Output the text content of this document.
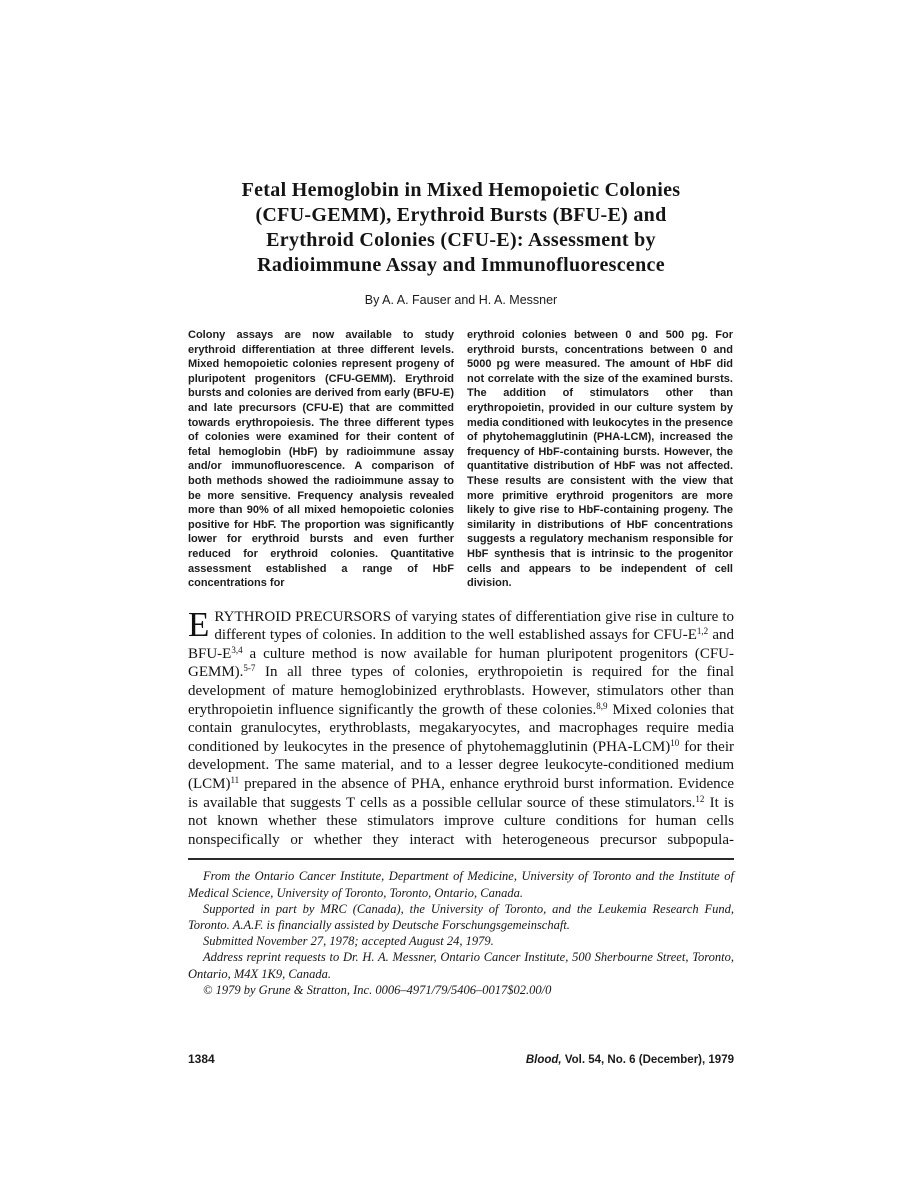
Fetal Hemoglobin in Mixed Hemopoietic Colonies
(CFU-GEMM), Erythroid Bursts (BFU-E) and
Erythroid Colonies (CFU-E): Assessment by
Radioimmune Assay and Immunofluorescence
By A. A. Fauser and H. A. Messner
Colony assays are now available to study erythroid differentiation at three different levels. Mixed hemopoietic colonies represent progeny of pluripotent progenitors (CFU-GEMM). Erythroid bursts and colonies are derived from early (BFU-E) and late precursors (CFU-E) that are committed towards erythropoiesis. The three different types of colonies were examined for their content of fetal hemoglobin (HbF) by radioimmune assay and/or immunofluorescence. A comparison of both methods showed the radioimmune assay to be more sensitive. Frequency analysis revealed more than 90% of all mixed hemopoietic colonies positive for HbF. The proportion was significantly lower for erythroid bursts and even further reduced for erythroid colonies. Quantitative assessment established a range of HbF concentrations for
erythroid colonies between 0 and 500 pg. For erythroid bursts, concentrations between 0 and 5000 pg were measured. The amount of HbF did not correlate with the size of the examined bursts. The addition of stimulators other than erythropoietin, provided in our culture system by media conditioned with leukocytes in the presence of phytohemagglutinin (PHA-LCM), increased the frequency of HbF-containing bursts. However, the quantitative distribution of HbF was not affected. These results are consistent with the view that more primitive erythroid progenitors are more likely to give rise to HbF-containing progeny. The similarity in distributions of HbF concentrations suggests a regulatory mechanism responsible for HbF synthesis that is intrinsic to the progenitor cells and appears to be independent of cell division.
ERYTHROID PRECURSORS of varying states of differentiation give rise in culture to different types of colonies. In addition to the well established assays for CFU-$E^{1,2}$ and BFU-$E^{3,4}$ a culture method is now available for human pluripotent progenitors (CFU-GEMM).$^{5-7}$ In all three types of colonies, erythropoietin is required for the final development of mature hemoglobinized erythroblasts. However, stimulators other than erythropoietin influence significantly the growth of these colonies.$^{8,9}$ Mixed colonies that contain granulocytes, erythroblasts, megakaryocytes, and macrophages require media conditioned by leukocytes in the presence of phytohemagglutinin $(PHA-LCM)^{10}$ for their development. The same material, and to a lesser degree leukocyte-conditioned medium (LCM)$^{11}$ prepared in the absence of PHA, enhance erythroid burst information. Evidence is available that suggests T cells as a possible cellular source of these stimulators.$^{12}$ It is not known whether these stimulators improve culture conditions for human cells nonspecifically or whether they interact with heterogeneous precursor subpopula-

From the Ontario Cancer Institute, Department of Medicine, University of Toronto and the Institute of Medical Science, University of Toronto, Toronto, Ontario, Canada.

Supported in part by MRC (Canada), the University of Toronto, and the Leukemia Research Fund, Toronto. A.A.F. is financially assisted by Deutsche Forschungsgemeinschaft.

Submitted November 27, 1978; accepted August 24, 1979.

Address reprint requests to Dr. H. A. Messner, Ontario Cancer Institute, 500 Sherbourne Street, Toronto, Ontario, M4X 1K9, Canada.

© 1979 by Grune & Stratton, Inc. 0006–4971/79/5406–0017$02.00/0

1384	Blood, Vol. 54, No. 6 (December), 1979
